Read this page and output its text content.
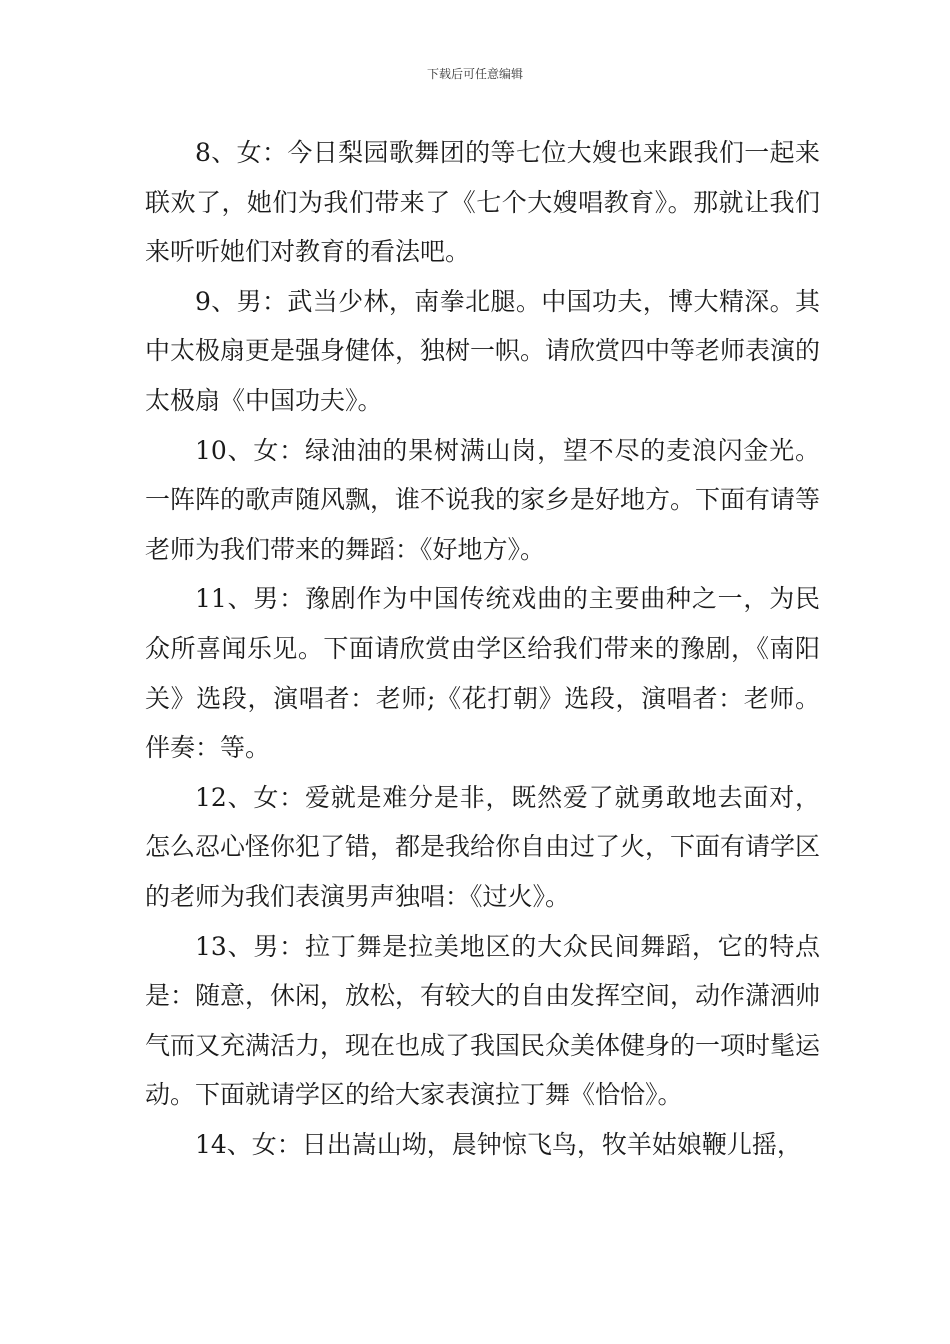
下载后可任意编辑

8、女：今日梨园歌舞团的等七位大嫂也来跟我们一起来联欢了，她们为我们带来了《七个大嫂唱教育》。那就让我们来听听她们对教育的看法吧。

9、男：武当少林，南拳北腿。中国功夫，博大精深。其中太极扇更是强身健体，独树一帜。请欣赏四中等老师表演的太极扇《中国功夫》。

10、女：绿油油的果树满山岗，望不尽的麦浪闪金光。一阵阵的歌声随风飘，谁不说我的家乡是好地方。下面有请等老师为我们带来的舞蹈：《好地方》。

11、男：豫剧作为中国传统戏曲的主要曲种之一，为民众所喜闻乐见。下面请欣赏由学区给我们带来的豫剧，《南阳关》选段，演唱者：老师;《花打朝》选段，演唱者：老师。伴奏：等。

12、女：爱就是难分是非，既然爱了就勇敢地去面对，怎么忍心怪你犯了错，都是我给你自由过了火，下面有请学区的老师为我们表演男声独唱：《过火》。

13、男：拉丁舞是拉美地区的大众民间舞蹈，它的特点是：随意，休闲，放松，有较大的自由发挥空间，动作潇洒帅气而又充满活力，现在也成了我国民众美体健身的一项时髦运动。下面就请学区的给大家表演拉丁舞《恰恰》。

14、女：日出嵩山坳，晨钟惊飞鸟，牧羊姑娘鞭儿摇，
